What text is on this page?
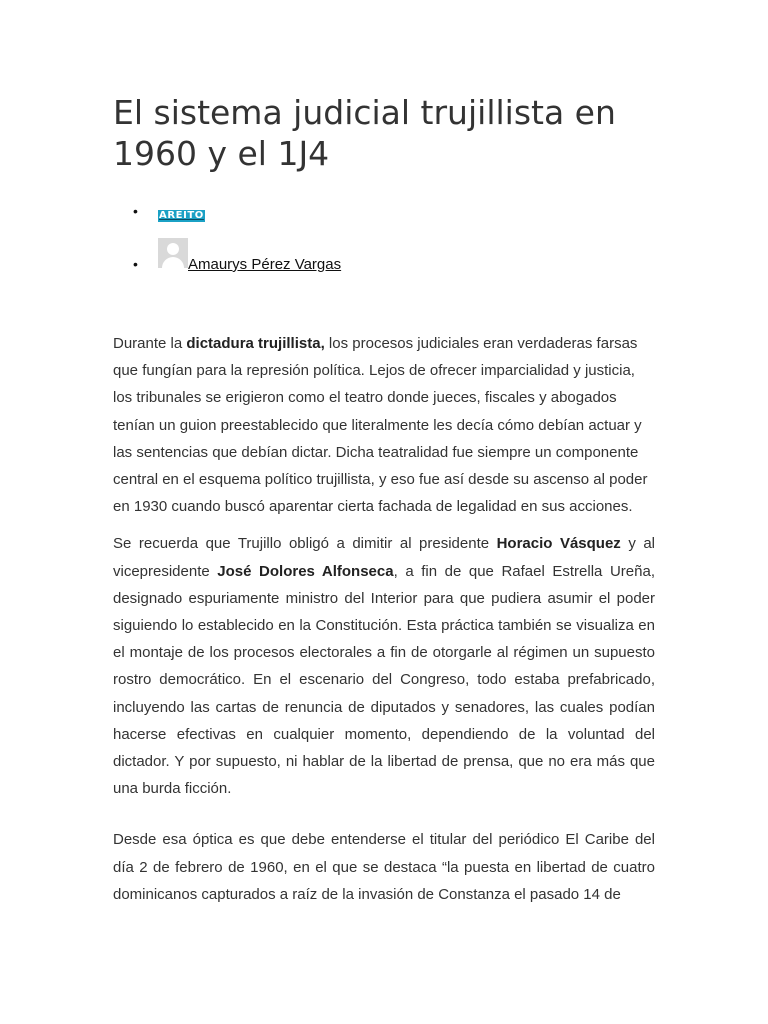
El sistema judicial trujillista en 1960 y el 1J4
• AREITO
•	Amaurys Pérez Vargas

Durante la dictadura trujillista, los procesos judiciales eran verdaderas farsas que fungían para la represión política. Lejos de ofrecer imparcialidad y justicia, los tribunales se erigieron como el teatro donde jueces, fiscales y abogados tenían un guion preestablecido que literalmente les decía cómo debían actuar y las sentencias que debían dictar. Dicha teatralidad fue siempre un componente central en el esquema político trujillista, y eso fue así desde su ascenso al poder en 1930 cuando buscó aparentar cierta fachada de legalidad en sus acciones.

Se recuerda que Trujillo obligó a dimitir al presidente Horacio Vásquez y al vicepresidente José Dolores Alfonseca, a fin de que Rafael Estrella Ureña, designado espuriamente ministro del Interior para que pudiera asumir el poder siguiendo lo establecido en la Constitución. Esta práctica también se visualiza en el montaje de los procesos electorales a fin de otorgarle al régimen un supuesto rostro democrático. En el escenario del Congreso, todo estaba prefabricado, incluyendo las cartas de renuncia de diputados y senadores, las cuales podían hacerse efectivas en cualquier momento, dependiendo de la voluntad del dictador. Y por supuesto, ni hablar de la libertad de prensa, que no era más que una burda ficción.

Desde esa óptica es que debe entenderse el titular del periódico El Caribe del día 2 de febrero de 1960, en el que se destaca “la puesta en libertad de cuatro dominicanos capturados a raíz de la invasión de Constanza el pasado 14 de
